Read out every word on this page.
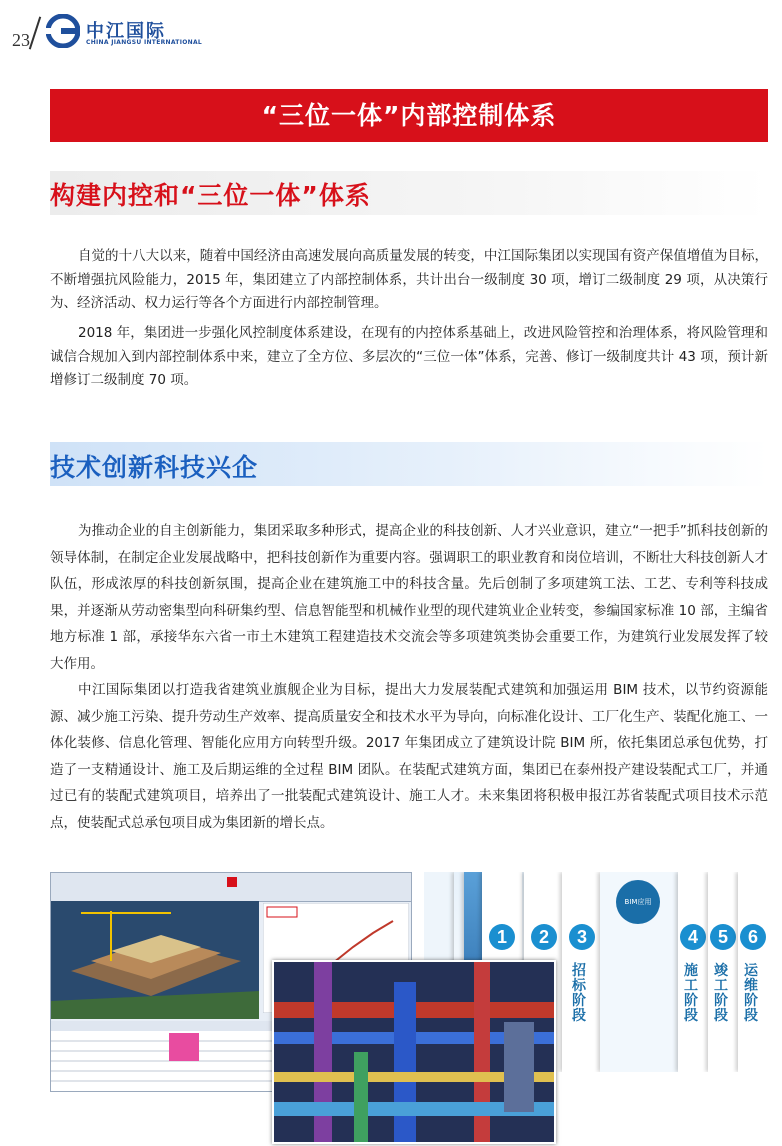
23	中江国际
CHINA JIANGSU INTERNATIONAL
“三位一体”内部控制体系
构建内控和“三位一体”体系

自觉的十八大以来，随着中国经济由高速发展向高质量发展的转变，中江国际集团以实现国有资产保值增值为目标，不断增强抗风险能力，2015 年，集团建立了内部控制体系，共计出台一级制度 30 项，增订二级制度 29 项，从决策行为、经济活动、权力运行等各个方面进行内部控制管理。

2018 年，集团进一步强化风控制度体系建设，在现有的内控体系基础上，改进风险管控和治理体系，将风险管理和诚信合规加入到内部控制体系中来，建立了全方位、多层次的“三位一体”体系，完善、修订一级制度共计 43 项，预计新增修订二级制度 70 项。

技术创新科技兴企

为推动企业的自主创新能力，集团采取多种形式，提高企业的科技创新、人才兴业意识，建立“一把手”抓科技创新的领导体制，在制定企业发展战略中，把科技创新作为重要内容。强调职工的职业教育和岗位培训，不断壮大科技创新人才队伍，形成浓厚的科技创新氛围，提高企业在建筑施工中的科技含量。先后创制了多项建筑工法、工艺、专利等科技成果，并逐渐从劳动密集型向科研集约型、信息智能型和机械作业型的现代建筑业企业转变，参编国家标准 10 部，主编省地方标准 1 部，承接华东六省一市土木建筑工程建造技术交流会等多项建筑类协会重要工作，为建筑行业发展发挥了较大作用。

中江国际集团以打造我省建筑业旗舰企业为目标，提出大力发展装配式建筑和加强运用 BIM 技术，以节约资源能源、减少施工污染、提升劳动生产效率、提高质量安全和技术水平为导向，向标准化设计、工厂化生产、装配化施工、一体化装修、信息化管理、智能化应用方向转型升级。2017 年集团成立了建筑设计院 BIM 所，依托集团总承包优势，打造了一支精通设计、施工及后期运维的全过程 BIM 团队。在装配式建筑方面，集团已在泰州投产建设装配式工厂，并通过已有的装配式建筑项目，培养出了一批装配式建筑设计、施工人才。未来集团将积极申报江苏省装配式项目技术示范点，使装配式总承包项目成为集团新的增长点。

1	2	3
招标阶段
BIM应用
4
施工阶段
5
竣工阶段
6
运维阶段
